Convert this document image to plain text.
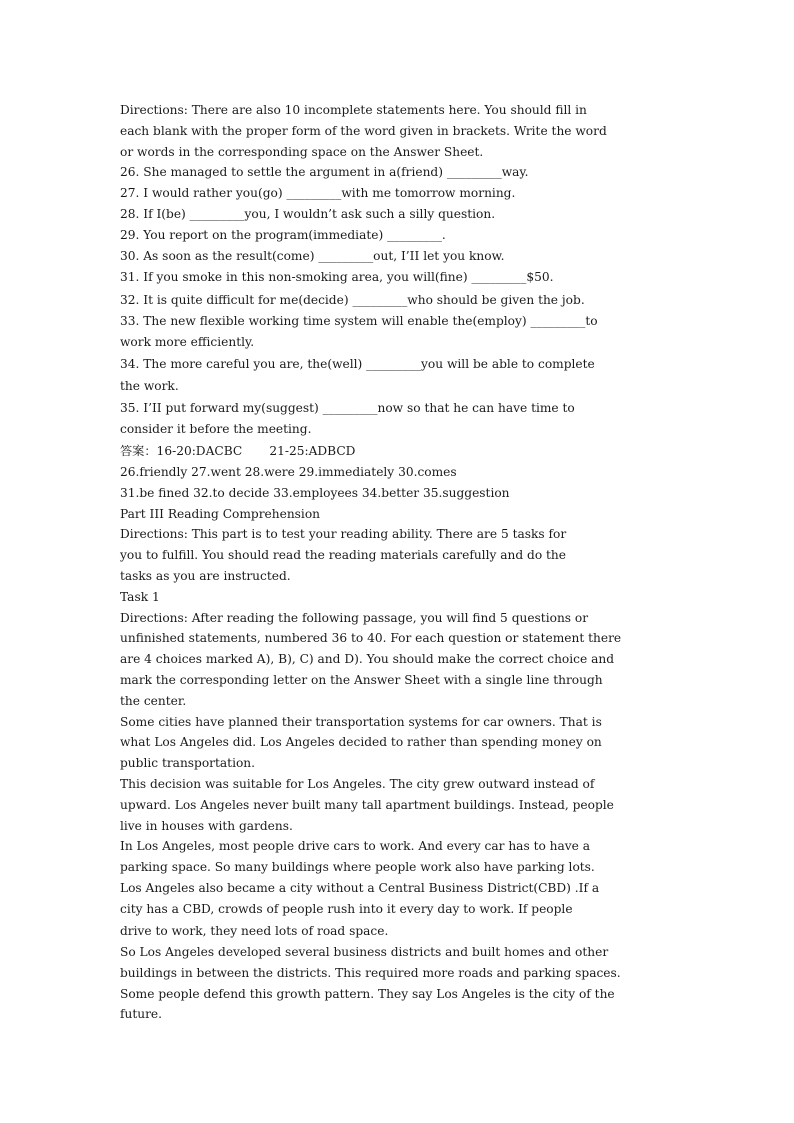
Directions: There are also 10 incomplete statements here. You should fill in

each blank with the proper form of the word given in brackets. Write the word

or words in the corresponding space on the Answer Sheet.

26. She managed to settle the argument in a(friend) _________way.

27. I would rather you(go) _________with me tomorrow morning.

28. If I(be) _________you, I wouldn’t ask such a silly question.

29. You report on the program(immediate) _________.

30. As soon as the result(come) _________out, I’II let you know.

31. If you smoke in this non-smoking area, you will(fine) _________$50.

32. It is quite difficult for me(decide) _________who should be given the job.

33. The new flexible working time system will enable the(employ) _________to

work more efficiently.

34. The more careful you are, the(well) _________you will be able to complete

the work.

35. I’II put forward my(suggest) _________now so that he can have time to

consider it before the meeting.

答案：16-20:DACBC       21-25:ADBCD

26.friendly 27.went 28.were 29.immediately 30.comes

31.be fined 32.to decide 33.employees 34.better 35.suggestion

Part III Reading Comprehension

Directions: This part is to test your reading ability. There are 5 tasks for

you to fulfill. You should read the reading materials carefully and do the

tasks as you are instructed.

Task 1

Directions: After reading the following passage, you will find 5 questions or

unfinished statements, numbered 36 to 40. For each question or statement there

are 4 choices marked A), B), C) and D). You should make the correct choice and

mark the corresponding letter on the Answer Sheet with a single line through

the center.

Some cities have planned their transportation systems for car owners. That is

what Los Angeles did. Los Angeles decided to rather than spending money on

public transportation.

This decision was suitable for Los Angeles. The city grew outward instead of

upward. Los Angeles never built many tall apartment buildings. Instead, people

live in houses with gardens.

In Los Angeles, most people drive cars to work. And every car has to have a

parking space. So many buildings where people work also have parking lots.

Los Angeles also became a city without a Central Business District(CBD) .If a

city has a CBD, crowds of people rush into it every day to work. If people

drive to work, they need lots of road space.

So Los Angeles developed several business districts and built homes and other

buildings in between the districts. This required more roads and parking spaces.

Some people defend this growth pattern. They say Los Angeles is the city of the

future.
